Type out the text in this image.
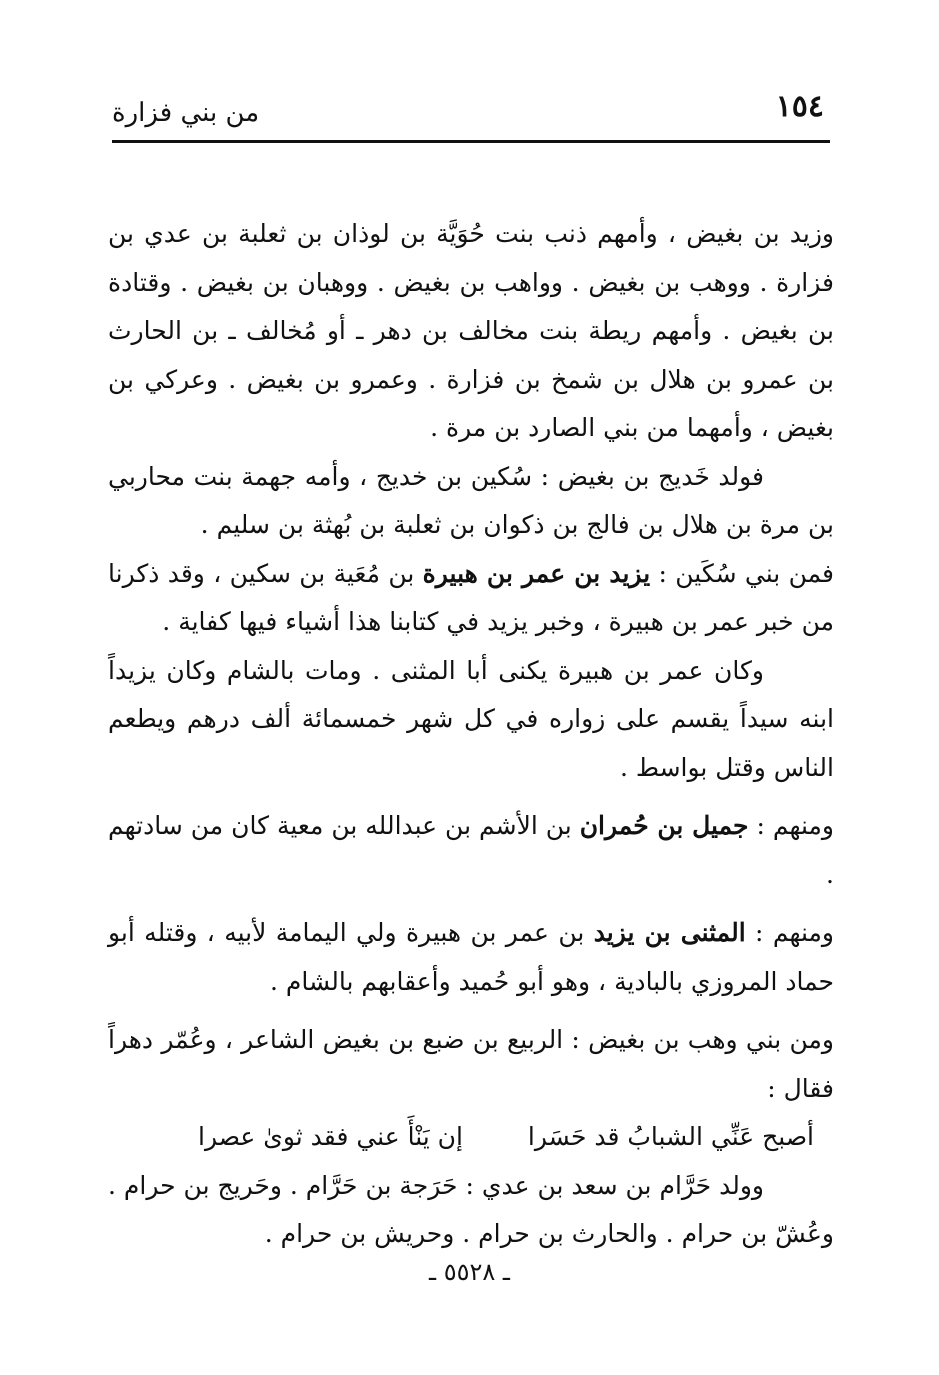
١٥٤
من بني فزارة

وزيد بن بغيض ، وأمهم ذنب بنت حُوَيَّة بن لوذان بن ثعلبة بن عدي بن فزارة . ووهب بن بغيض . وواهب بن بغيض . ووهبان بن بغيض . وقتادة بن بغيض . وأمهم ريطة بنت مخالف بن دهر ـ أو مُخالف ـ بن الحارث بن عمرو بن هلال بن شمخ بن فزارة . وعمرو بن بغيض . وعركي بن بغيض ، وأمهما من بني الصارد بن مرة .

فولد خَديج بن بغيض : سُكين بن خديج ، وأمه جهمة بنت محاربي بن مرة بن هلال بن فالج بن ذكوان بن ثعلبة بن بُهثة بن سليم .

فمن بني سُكَين : يزيد بن عمر بن هبيرة بن مُعَية بن سكين ، وقد ذكرنا من خبر عمر بن هبيرة ، وخبر يزيد في كتابنا هذا أشياء فيها كفاية .

وكان عمر بن هبيرة يكنى أبا المثنى . ومات بالشام وكان يزيداً ابنه سيداً يقسم على زواره في كل شهر خمسمائة ألف درهم ويطعم الناس وقتل بواسط .

ومنهم : جميل بن حُمران بن الأشم بن عبدالله بن معية كان من سادتهم .

ومنهم : المثنى بن يزيد بن عمر بن هبيرة ولي اليمامة لأبيه ، وقتله أبو حماد المروزي بالبادية ، وهو أبو حُميد وأعقابهم بالشام .

ومن بني وهب بن بغيض : الربيع بن ضبع بن بغيض الشاعر ، وعُمّر دهراً فقال :

أصبح عَنِّي الشبابُ قد حَسَرا
إن يَنْأَ عني فقد ثوىٰ عصرا

وولد حَرَّام بن سعد بن عدي : حَرَجة بن حَرَّام . وحَريج بن حرام . وعُشّ بن حرام . والحارث بن حرام . وحريش بن حرام .

ـ ٥٥٢٨ ـ
